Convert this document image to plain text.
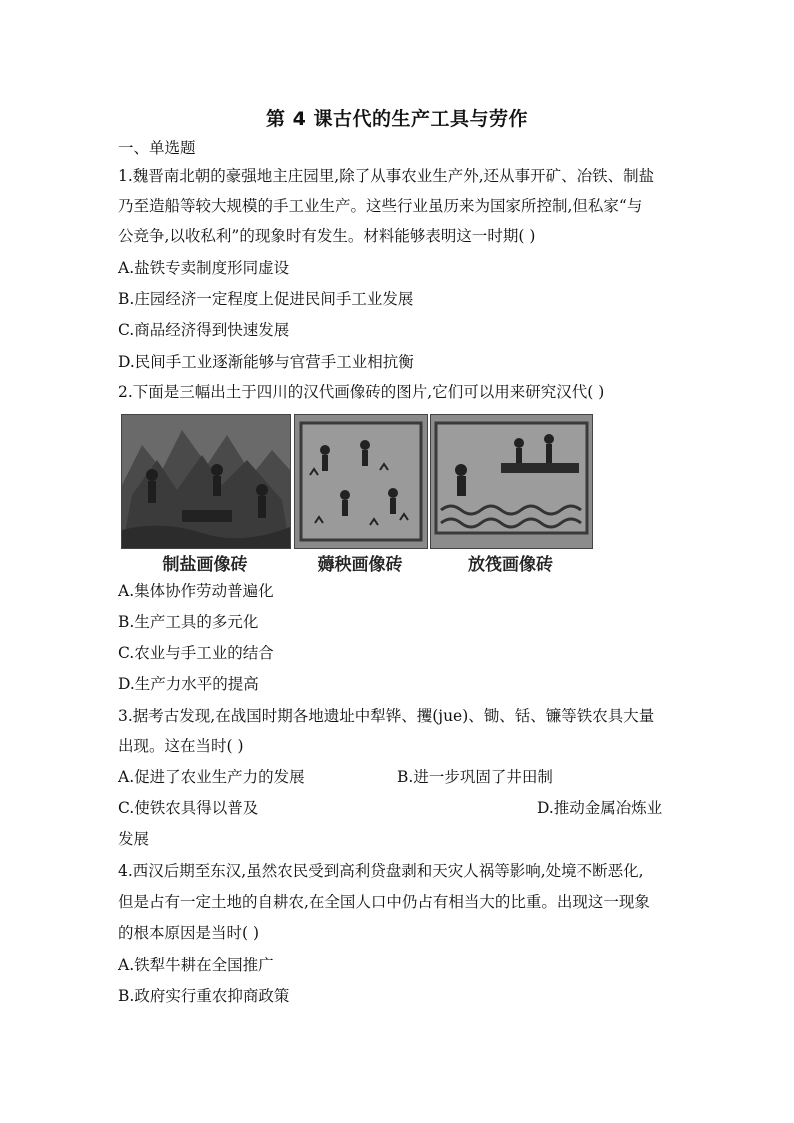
第 4 课古代的生产工具与劳作
一、单选题
1.魏晋南北朝的豪强地主庄园里,除了从事农业生产外,还从事开矿、冶铁、制盐
乃至造船等较大规模的手工业生产。这些行业虽历来为国家所控制,但私家“与
公竞争,以收私利”的现象时有发生。材料能够表明这一时期( )
A.盐铁专卖制度形同虚设
B.庄园经济一定程度上促进民间手工业发展
C.商品经济得到快速发展
D.民间手工业逐渐能够与官营手工业相抗衡
2.下面是三幅出土于四川的汉代画像砖的图片,它们可以用来研究汉代( )
制盐画像砖	薅秧画像砖	放筏画像砖
A.集体协作劳动普遍化
B.生产工具的多元化
C.农业与手工业的结合
D.生产力水平的提高
3.据考古发现,在战国时期各地遗址中犁铧、攫(jue)、锄、铦、镰等铁农具大量
出现。这在当时( )
A.促进了农业生产力的发展	B.进一步巩固了井田制
C.使铁农具得以普及	D.推动金属冶炼业
发展
4.西汉后期至东汉,虽然农民受到高利贷盘剥和天灾人祸等影响,处境不断恶化,
但是占有一定土地的自耕农,在全国人口中仍占有相当大的比重。出现这一现象
的根本原因是当时( )
A.铁犁牛耕在全国推广
B.政府实行重农抑商政策
